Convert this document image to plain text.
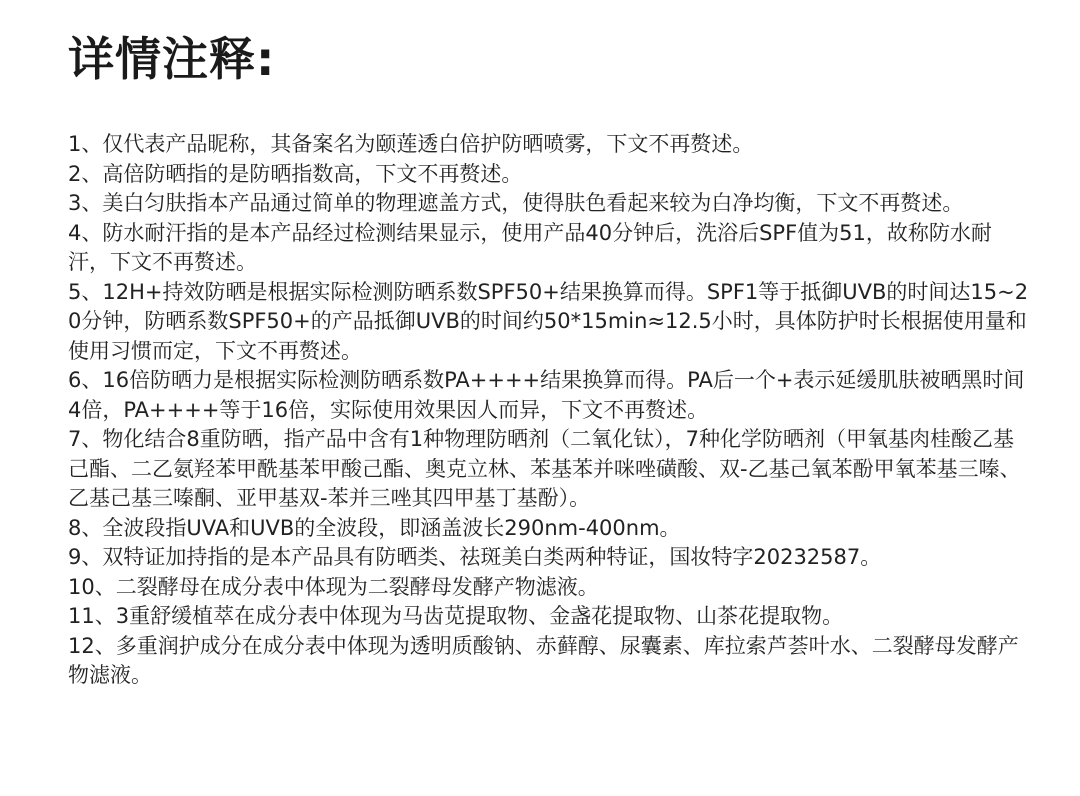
详情注释:
1、仅代表产品昵称，其备案名为颐莲透白倍护防晒喷雾，下文不再赘述。
2、高倍防晒指的是防晒指数高，下文不再赘述。
3、美白匀肤指本产品通过简单的物理遮盖方式，使得肤色看起来较为白净均衡，下文不再赘述。
4、防水耐汗指的是本产品经过检测结果显示，使用产品40分钟后，洗浴后SPF值为51，故称防水耐汗，下文不再赘述。
5、12H+持效防晒是根据实际检测防晒系数SPF50+结果换算而得。SPF1等于抵御UVB的时间达15~20分钟，防晒系数SPF50+的产品抵御UVB的时间约50*15min≈12.5小时，具体防护时长根据使用量和使用习惯而定，下文不再赘述。
6、16倍防晒力是根据实际检测防晒系数PA++++结果换算而得。PA后一个+表示延缓肌肤被晒黑时间4倍，PA++++等于16倍，实际使用效果因人而异，下文不再赘述。
7、物化结合8重防晒，指产品中含有1种物理防晒剂（二氧化钛），7种化学防晒剂（甲氧基肉桂酸乙基己酯、二乙氨羟苯甲酰基苯甲酸己酯、奥克立林、苯基苯并咪唑磺酸、双-乙基己氧苯酚甲氧苯基三嗪、乙基己基三嗪酮、亚甲基双-苯并三唑其四甲基丁基酚）。
8、全波段指UVA和UVB的全波段，即涵盖波长290nm-400nm。
9、双特证加持指的是本产品具有防晒类、祛斑美白类两种特证，国妆特字20232587。
10、二裂酵母在成分表中体现为二裂酵母发酵产物滤液。
11、3重舒缓植萃在成分表中体现为马齿苋提取物、金盏花提取物、山茶花提取物。
12、多重润护成分在成分表中体现为透明质酸钠、赤藓醇、尿囊素、库拉索芦荟叶水、二裂酵母发酵产物滤液。
